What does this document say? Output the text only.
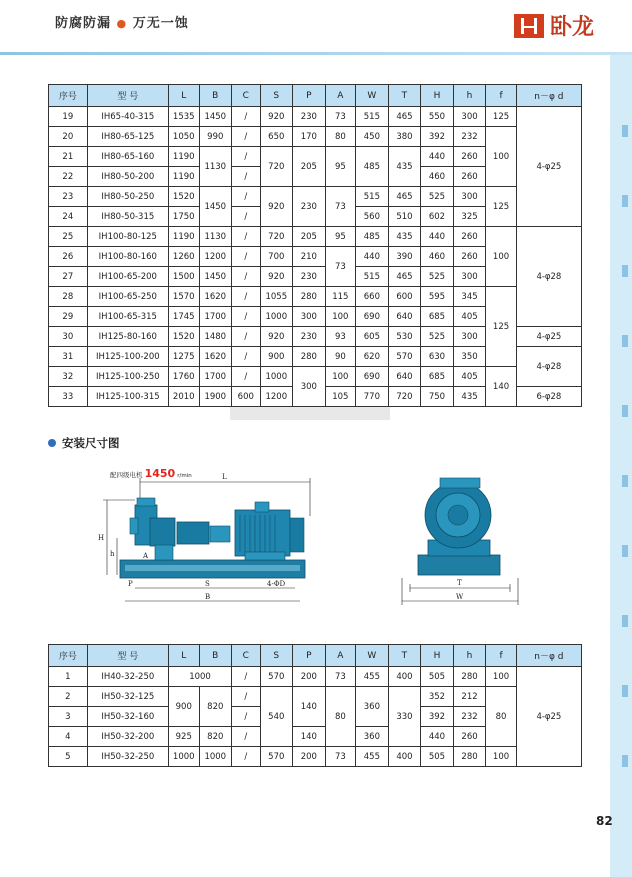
防腐防漏 ● 万无一蚀	卧龙
序号	型 号	L	B	C	S	P	A	W	T	H	h	f	n－φ d
19	IH65-40-315	1535	1450	/	920	230	73	515	465	550	300	125	4-φ25
20	IH80-65-125	1050	990	/	650	170	80	450	380	392	232	100	
21	IH80-65-160	1190	1130	/	720	205	95	485	435	440	260		
22	IH80-50-200	1190		/						460	260		
23	IH80-50-250	1520	1450	/	920	230	73	515	465	525	300	125	
24	IH80-50-315	1750		/				560	510	602	325		
25	IH100-80-125	1190	1130	/	720	205	95	485	435	440	260	100	4-φ28
26	IH100-80-160	1260	1200	/	700	210	73	440	390	460	260		
27	IH100-65-200	1500	1450	/	920	230		515	465	525	300		
28	IH100-65-250	1570	1620	/	1055	280	115	660	600	595	345	125	
29	IH100-65-315	1745	1700	/	1000	300	100	690	640	685	405		
30	IH125-80-160	1520	1480	/	920	230	93	605	530	525	300		4-φ25
31	IH125-100-200	1275	1620	/	900	280	90	620	570	630	350		4-φ28
32	IH125-100-250	1760	1700	/	1000	300	100	690	640	685	405	140	
33	IH125-100-315	2010	1900	600	1200		105	770	720	750	435		6-φ28
安装尺寸图
配四级电机 1450 r/min	L
H
h	A
P	S
B
4-ΦD	T
W
序号	型 号	L	B	C	S	P	A	W	T	H	h	f	n－φ d
1	IH40-32-250	1000		/	570	200	73	455	400	505	280	100	4-φ25
2	IH50-32-125	900	820	/	540	140	80	360	330	352	212	80	
3	IH50-32-160			/						392	232		
4	IH50-32-200	925	820	/		140		360		440	260		
5	IH50-32-250	1000	1000	/	570	200	73	455	400	505	280	100	
82
